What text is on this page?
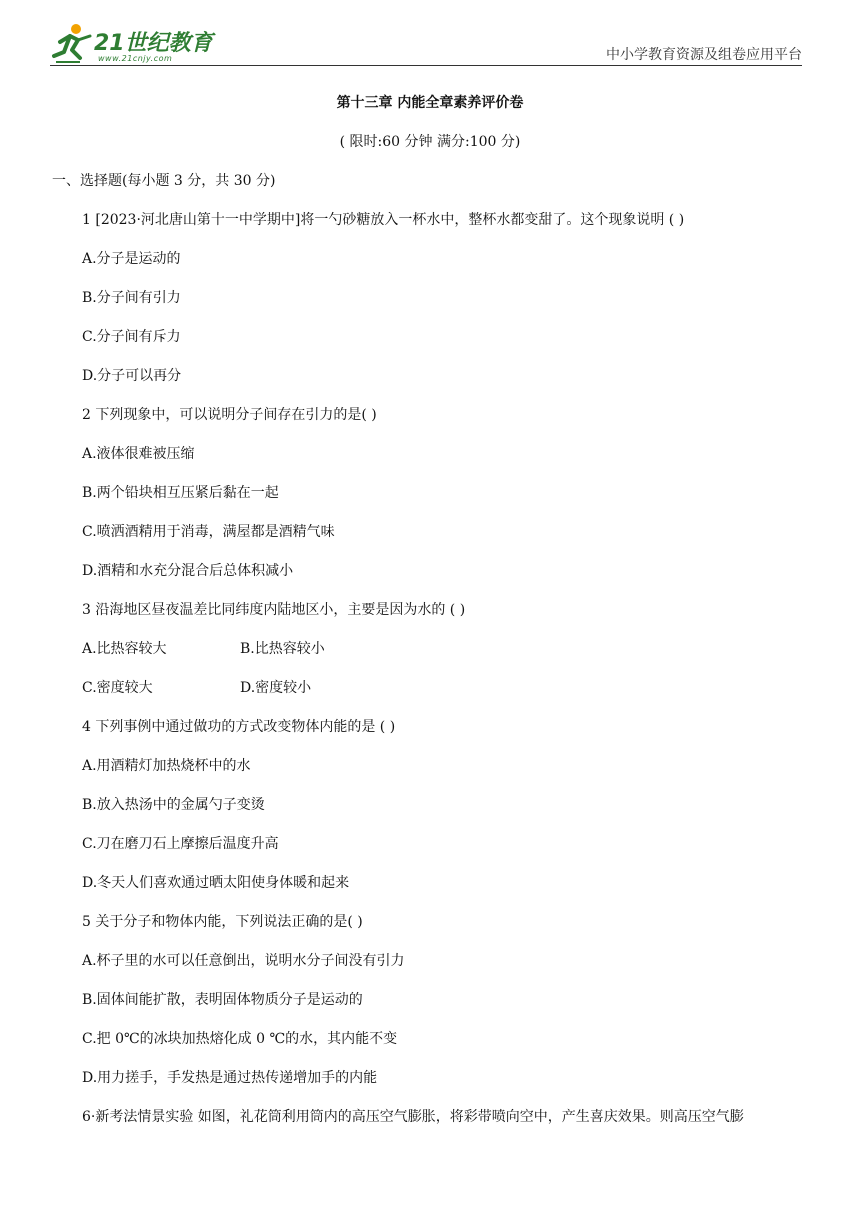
21世纪教育
www.21cnjy.com	中小学教育资源及组卷应用平台
第十三章 内能全章素养评价卷
( 限时:60 分钟 满分:100 分)
一、选择题(每小题 3 分，共 30 分)
1 [2023·河北唐山第十一中学期中]将一勺砂糖放入一杯水中，整杯水都变甜了。这个现象说明 ( )
A.分子是运动的
B.分子间有引力
C.分子间有斥力
D.分子可以再分
2 下列现象中，可以说明分子间存在引力的是( )
A.液体很难被压缩
B.两个铅块相互压紧后黏在一起
C.喷洒酒精用于消毒，满屋都是酒精气味
D.酒精和水充分混合后总体积减小
3 沿海地区昼夜温差比同纬度内陆地区小，主要是因为水的 ( )
A.比热容较大	B.比热容较小
C.密度较大	D.密度较小
4 下列事例中通过做功的方式改变物体内能的是 ( )
A.用酒精灯加热烧杯中的水
B.放入热汤中的金属勺子变烫
C.刀在磨刀石上摩擦后温度升高
D.冬天人们喜欢通过晒太阳使身体暖和起来
5 关于分子和物体内能，下列说法正确的是( )
A.杯子里的水可以任意倒出，说明水分子间没有引力
B.固体间能扩散，表明固体物质分子是运动的
C.把 0℃的冰块加热熔化成 0 ℃的水，其内能不变
D.用力搓手，手发热是通过热传递增加手的内能
6·新考法情景实验 如图，礼花筒利用筒内的高压空气膨胀，将彩带喷向空中，产生喜庆效果。则高压空气膨
